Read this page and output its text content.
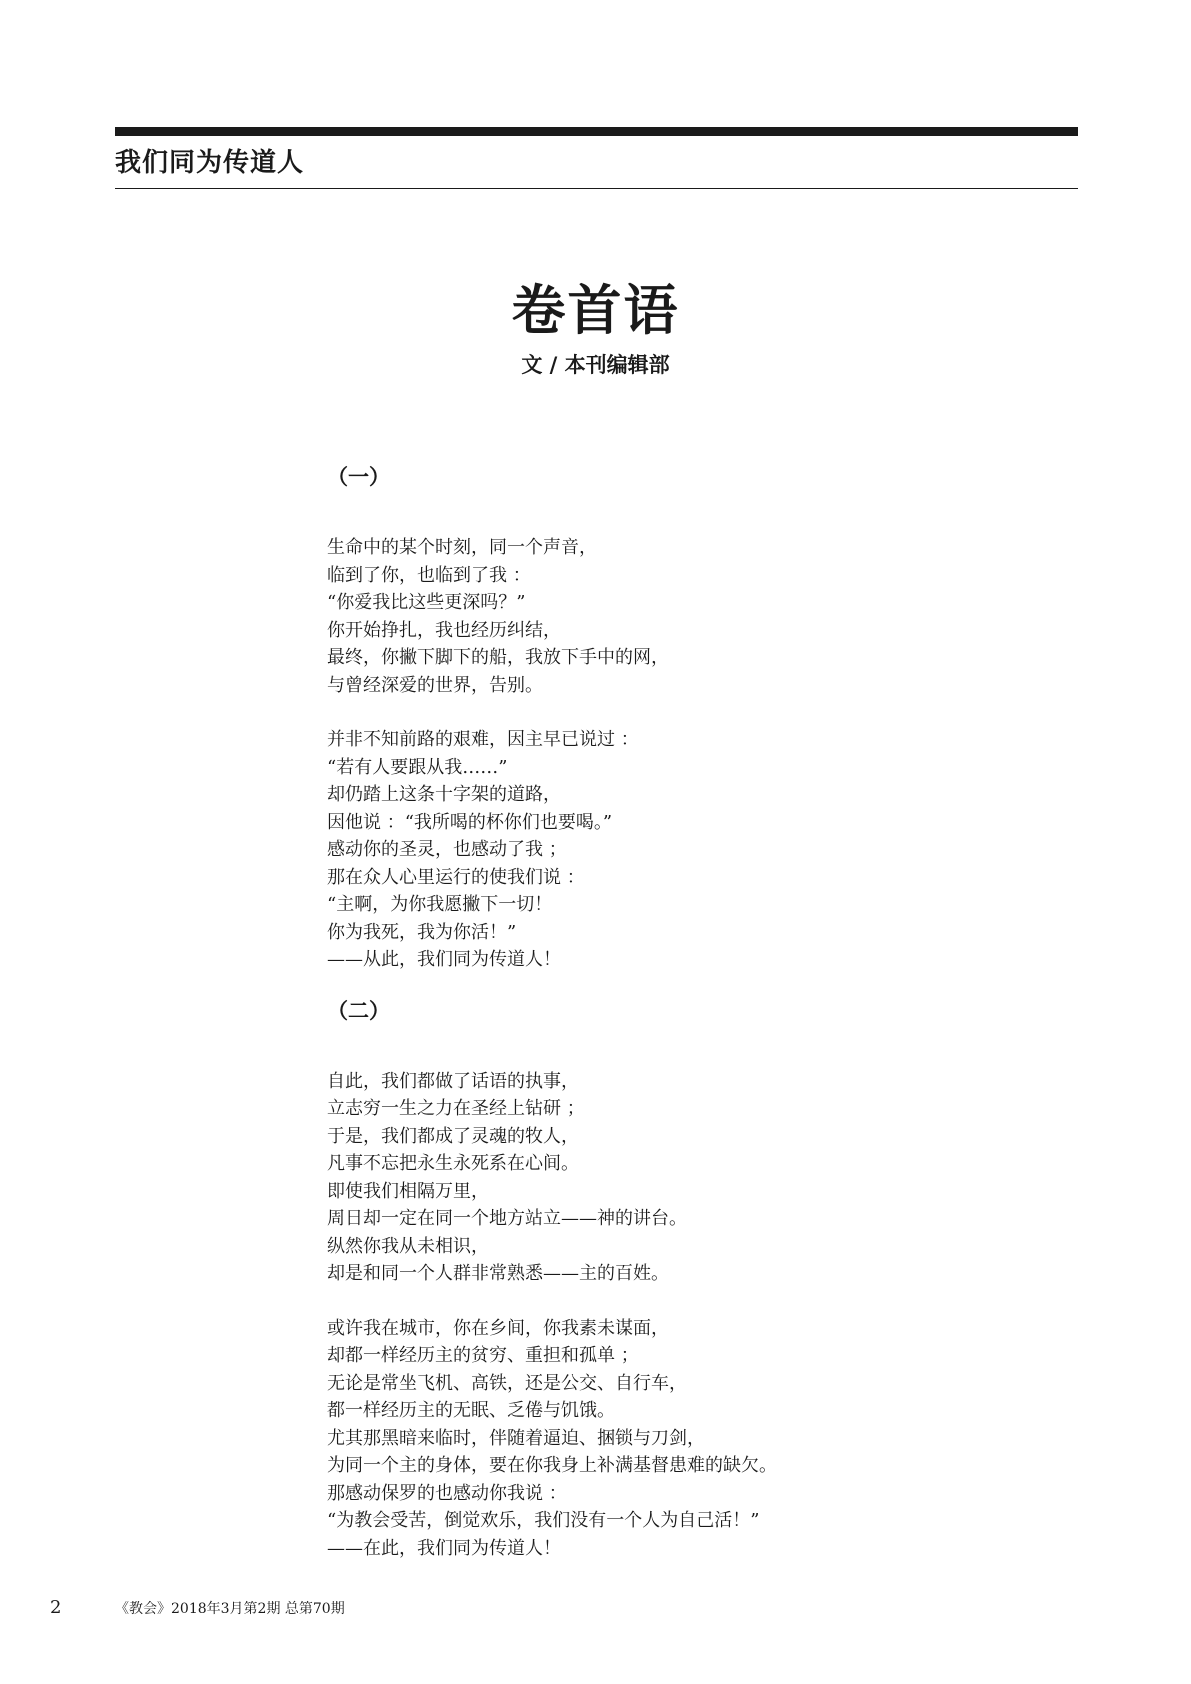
我们同为传道人
卷首语
文 / 本刊编辑部
（一）
生命中的某个时刻，同一个声音，
临到了你，也临到了我 ：
“你爱我比这些更深吗？”
你开始挣扎，我也经历纠结，
最终，你撇下脚下的船，我放下手中的网，
与曾经深爱的世界，告别。
并非不知前路的艰难，因主早已说过 ：
“若有人要跟从我……”
却仍踏上这条十字架的道路，
因他说 ：“我所喝的杯你们也要喝。”
感动你的圣灵，也感动了我 ；
那在众人心里运行的使我们说 ：
“主啊，为你我愿撇下一切！
你为我死，我为你活！”
——从此，我们同为传道人！
（二）
自此，我们都做了话语的执事，
立志穷一生之力在圣经上钻研 ；
于是，我们都成了灵魂的牧人，
凡事不忘把永生永死系在心间。
即使我们相隔万里，
周日却一定在同一个地方站立——神的讲台。
纵然你我从未相识，
却是和同一个人群非常熟悉——主的百姓。
或许我在城市，你在乡间，你我素未谋面，
却都一样经历主的贫穷、重担和孤单 ；
无论是常坐飞机、高铁，还是公交、自行车，
都一样经历主的无眠、乏倦与饥饿。
尤其那黑暗来临时，伴随着逼迫、捆锁与刀剑，
为同一个主的身体，要在你我身上补满基督患难的缺欠。
那感动保罗的也感动你我说 ：
“为教会受苦，倒觉欢乐，我们没有一个人为自己活！”
——在此，我们同为传道人！
2	《教会》2018年3月第2期 总第70期
